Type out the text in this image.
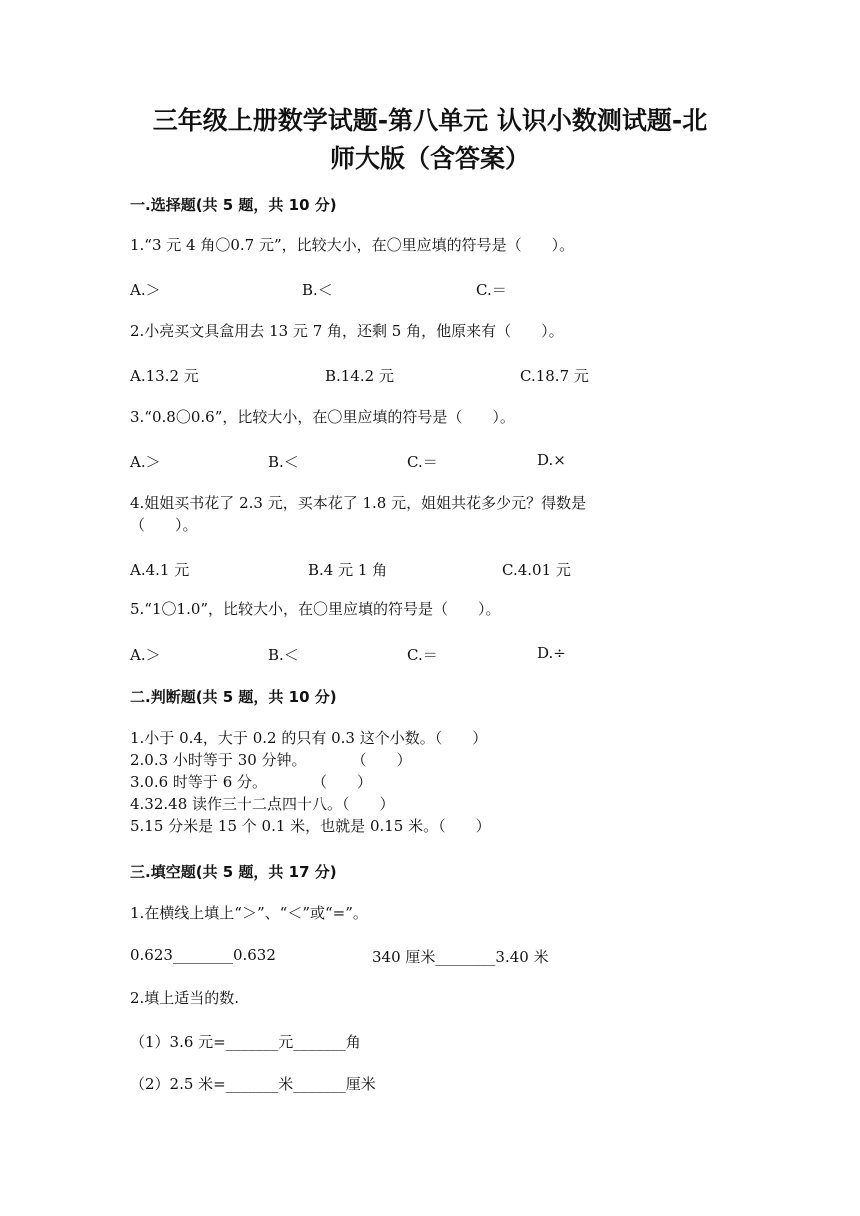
三年级上册数学试题-第八单元 认识小数测试题-北
师大版（含答案）
一.选择题(共 5 题，共 10 分)
1.“3 元 4 角〇0.7 元”，比较大小，在〇里应填的符号是（　　）。
A.＞	B.＜	C.＝
2.小亮买文具盒用去 13 元 7 角，还剩 5 角，他原来有（　　）。
A.13.2 元	B.14.2 元	C.18.7 元
3.“0.8〇0.6”，比较大小，在〇里应填的符号是（　　）。
A.＞	B.＜	C.＝	D.×
4.姐姐买书花了 2.3 元，买本花了 1.8 元，姐姐共花多少元？得数是
（　　）。
A.4.1 元	B.4 元 1 角	C.4.01 元
5.“1〇1.0”，比较大小，在〇里应填的符号是（　　）。
A.＞	B.＜	C.＝	D.÷
二.判断题(共 5 题，共 10 分)
1.小于 0.4，大于 0.2 的只有 0.3 这个小数。（　　）
2.0.3 小时等于 30 分钟。　　　　（　　）
3.0.6 时等于 6 分。　　　　（　　）
4.32.48 读作三十二点四十八。（　　）
5.15 分米是 15 个 0.1 米，也就是 0.15 米。（　　）
三.填空题(共 5 题，共 17 分)
1.在横线上填上“＞”、“＜”或“=”。
0.623________0.632	340 厘米________3.40 米
2.填上适当的数.
（1）3.6 元=_______元_______角
（2）2.5 米=_______米_______厘米
